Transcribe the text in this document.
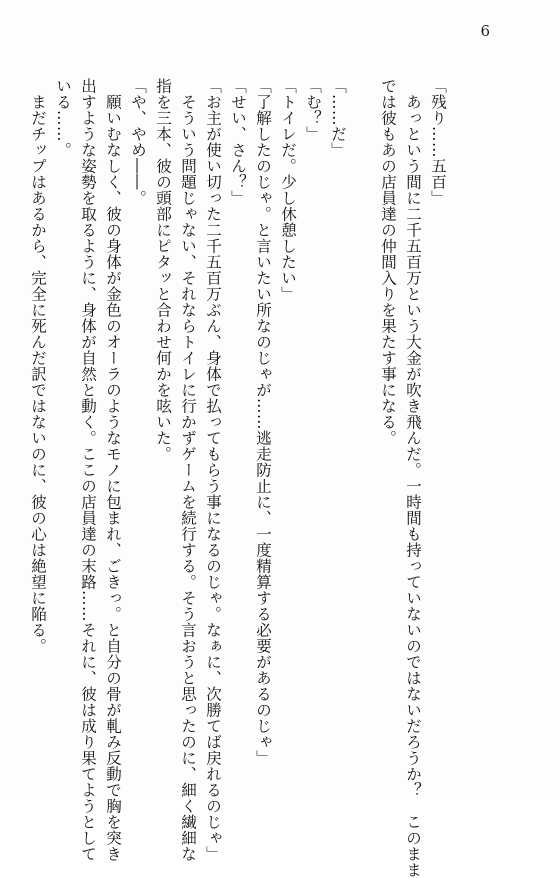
6
「残り……五百」
　あっという間に二千五百万という大金が吹き飛んだ。一時間も持っていないのではないだろうか？　このまま
では彼もあの店員達の仲間入りを果たす事になる。
「……だ」
「む？」
「トイレだ。少し休憩したい」
「了解したのじゃ。と言いたい所なのじゃが……逃走防止に、一度精算する必要があるのじゃ」
「せい、さん？」
「お主が使い切った二千五百万ぶん、身体で払ってもらう事になるのじゃ。なぁに、次勝てば戻れるのじゃ」
　そういう問題じゃない、それならトイレに行かずゲームを続行する。そう言おうと思ったのに、細く繊細な
指を三本、彼の頭部にピタッと合わせ何かを呟いた。
「や、やめ――。
　願いむなしく、彼の身体が金色のオーラのようなモノに包まれ、ごきっ。と自分の骨が軋み反動で胸を突き
出すような姿勢を取るように、身体が自然と動く。ここの店員達の末路……それに、彼は成り果てようとして
いる……。
　まだチップはあるから、完全に死んだ訳ではないのに、彼の心は絶望に陥る。
